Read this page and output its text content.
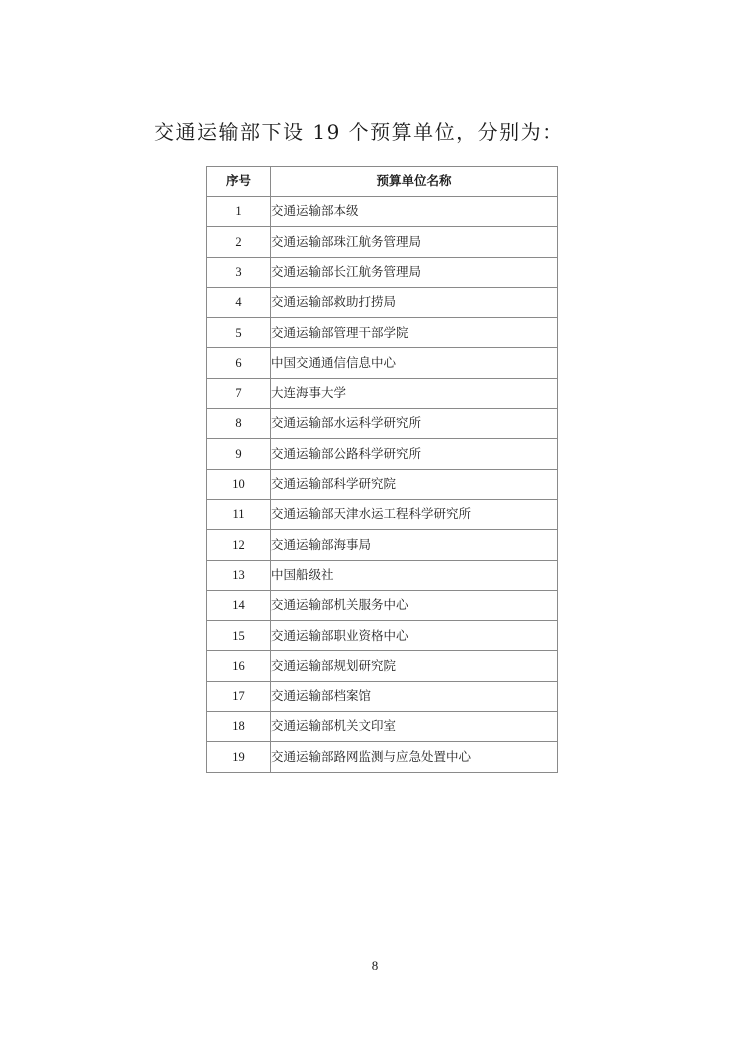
交通运输部下设 19 个预算单位，分别为：
序号	预算单位名称
1	交通运输部本级
2	交通运输部珠江航务管理局
3	交通运输部长江航务管理局
4	交通运输部救助打捞局
5	交通运输部管理干部学院
6	中国交通通信信息中心
7	大连海事大学
8	交通运输部水运科学研究所
9	交通运输部公路科学研究所
10	交通运输部科学研究院
11	交通运输部天津水运工程科学研究所
12	交通运输部海事局
13	中国船级社
14	交通运输部机关服务中心
15	交通运输部职业资格中心
16	交通运输部规划研究院
17	交通运输部档案馆
18	交通运输部机关文印室
19	交通运输部路网监测与应急处置中心
8
